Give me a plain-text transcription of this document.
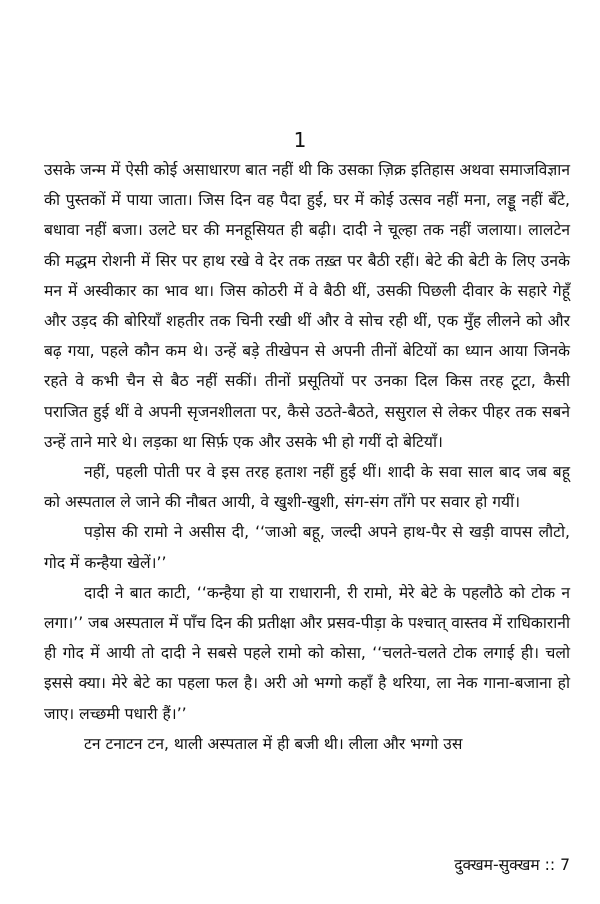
1

उसके जन्म में ऐसी कोई असाधारण बात नहीं थी कि उसका ज़िक्र इतिहास अथवा समाजविज्ञान की पुस्तकों में पाया जाता। जिस दिन वह पैदा हुई, घर में कोई उत्सव नहीं मना, लड्डू नहीं बँटे, बधावा नहीं बजा। उलटे घर की मनहूसियत ही बढ़ी। दादी ने चूल्हा तक नहीं जलाया। लालटेन की मद्धम रोशनी में सिर पर हाथ रखे वे देर तक तख़्त पर बैठी रहीं। बेटे की बेटी के लिए उनके मन में अस्वीकार का भाव था। जिस कोठरी में वे बैठी थीं, उसकी पिछली दीवार के सहारे गेहूँ और उड़द की बोरियाँ शहतीर तक चिनी रखी थीं और वे सोच रही थीं, एक मुँह लीलने को और बढ़ गया, पहले कौन कम थे। उन्हें बड़े तीखेपन से अपनी तीनों बेटियों का ध्यान आया जिनके रहते वे कभी चैन से बैठ नहीं सकीं। तीनों प्रसूतियों पर उनका दिल किस तरह टूटा, कैसी पराजित हुई थीं वे अपनी सृजनशीलता पर, कैसे उठते-बैठते, ससुराल से लेकर पीहर तक सबने उन्हें ताने मारे थे। लड़का था सिर्फ़ एक और उसके भी हो गयीं दो बेटियाँ।

नहीं, पहली पोती पर वे इस तरह हताश नहीं हुई थीं। शादी के सवा साल बाद जब बहू को अस्पताल ले जाने की नौबत आयी, वे खुशी-खुशी, संग-संग ताँगे पर सवार हो गयीं।

पड़ोस की रामो ने असीस दी, ‘‘जाओ बहू, जल्दी अपने हाथ-पैर से खड़ी वापस लौटो, गोद में कन्हैया खेलें।’’

दादी ने बात काटी, ‘‘कन्हैया हो या राधारानी, री रामो, मेरे बेटे के पहलौठे को टोक न लगा।’’ जब अस्पताल में पाँच दिन की प्रतीक्षा और प्रसव-पीड़ा के पश्चात् वास्तव में राधिकारानी ही गोद में आयी तो दादी ने सबसे पहले रामो को कोसा, ‘‘चलते-चलते टोक लगाई ही। चलो इससे क्या। मेरे बेटे का पहला फल है। अरी ओ भग्गो कहाँ है थरिया, ला नेक गाना-बजाना हो जाए। लच्छमी पधारी हैं।’’

टन टनाटन टन, थाली अस्पताल में ही बजी थी। लीला और भग्गो उस

दुक्खम-सुक्खम :: 7
